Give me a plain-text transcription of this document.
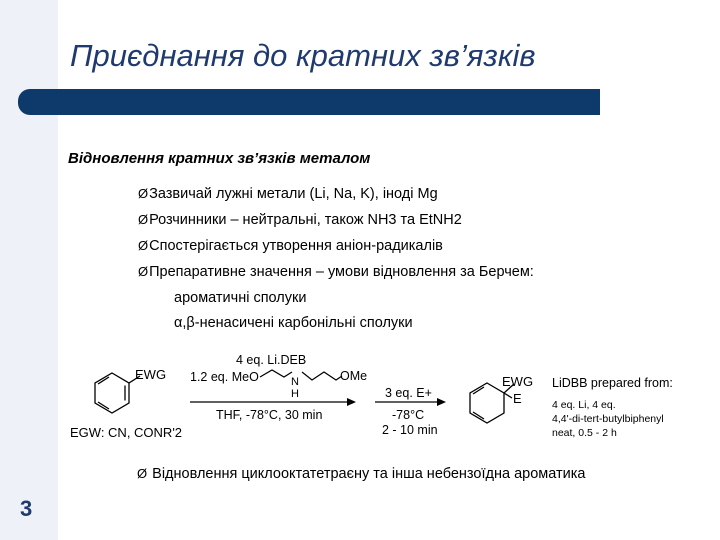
Приєднання до кратних зв’язків
Відновлення кратних зв’язків металом
ØЗазвичай лужні метали (Li, Na, K), іноді Mg
ØРозчинники – нейтральні, також NH3 та EtNH2
ØСпостерігається утворення аніон-радикалів
ØПрепаративне значення – умови відновлення за Берчем:
ароматичні сполуки
α,β-ненасичені карбонільні сполуки
EWG
EGW: CN, CONR'2
4 eq. Li.DEB
1.2 eq. MeO	N
H
OMe
THF, -78°C, 30 min
3 eq. E+
-78°C
2 - 10 min
EWG
E
LiDBB prepared from:
4 eq. Li, 4 eq.
4,4'-di-tert-butylbiphenyl
neat, 0.5 - 2 h
Ø Відновлення циклооктатетраєну та інша небензоїдна ароматика
3
